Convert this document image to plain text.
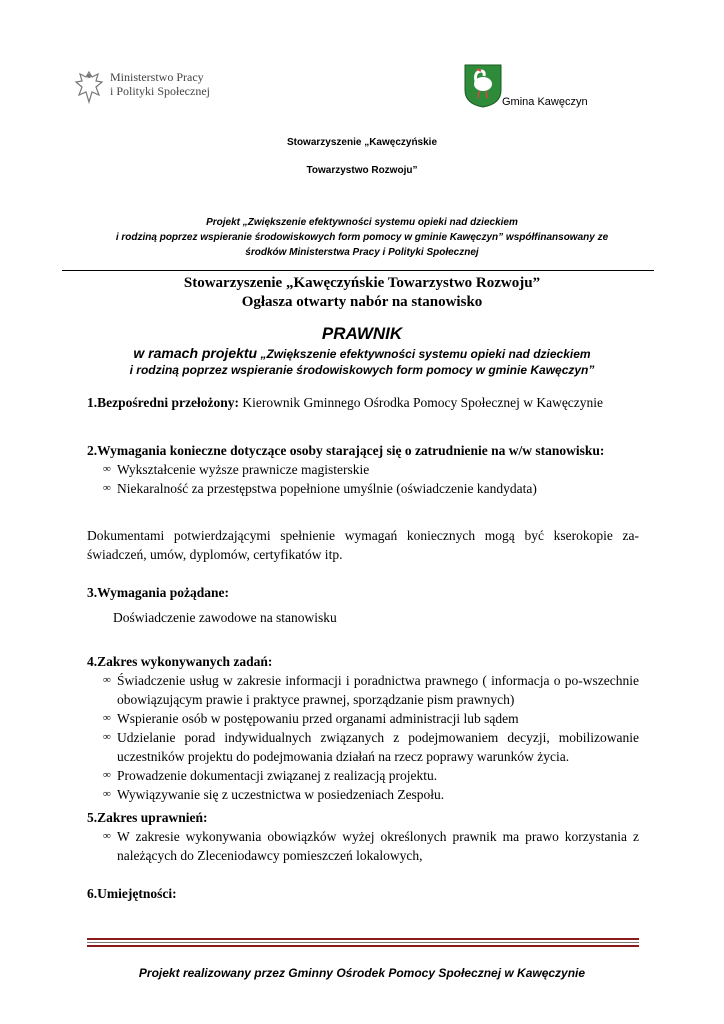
Ministerstwo Pracy
i Polityki Społecznej
Gmina Kawęczyn
Stowarzyszenie „Kawęczyńskie
Towarzystwo Rozwoju”
Projekt „Zwiększenie efektywności systemu opieki nad dzieckiem
i rodziną poprzez wspieranie środowiskowych form pomocy w gminie Kawęczyn” współfinansowany ze
środków Ministerstwa Pracy i Polityki Społecznej
Stowarzyszenie „Kawęczyńskie Towarzystwo Rozwoju”
Ogłasza otwarty nabór na stanowisko
PRAWNIK
w ramach projektu „Zwiększenie efektywności systemu opieki nad dzieckiem
i rodziną poprzez wspieranie środowiskowych form pomocy w gminie Kawęczyn”
1.Bezpośredni przełożony: Kierownik Gminnego Ośrodka Pomocy Społecznej w Kawęczynie
2.Wymagania konieczne dotyczące osoby starającej się o zatrudnienie na w/w stanowisku:
∞ Wykształcenie wyższe prawnicze magisterskie
∞ Niekaralność za przestępstwa popełnione umyślnie (oświadczenie kandydata)
Dokumentami potwierdzającymi spełnienie wymagań koniecznych mogą być kserokopie za-świadczeń, umów, dyplomów, certyfikatów itp.
3.Wymagania pożądane:
Doświadczenie zawodowe na stanowisku
4.Zakres wykonywanych zadań:
∞ Świadczenie usług w zakresie informacji i poradnictwa prawnego ( informacja o po-wszechnie obowiązującym prawie i praktyce prawnej, sporządzanie pism prawnych)
∞ Wspieranie osób w postępowaniu przed organami administracji lub sądem
∞ Udzielanie porad indywidualnych związanych z podejmowaniem decyzji, mobilizowanie uczestników projektu do podejmowania działań na rzecz poprawy warunków życia.
∞ Prowadzenie dokumentacji związanej z realizacją projektu.
∞ Wywiązywanie się z uczestnictwa w posiedzeniach Zespołu.
5.Zakres uprawnień:
∞ W zakresie wykonywania obowiązków wyżej określonych prawnik ma prawo korzystania z należących do Zleceniodawcy pomieszczeń lokalowych,
6.Umiejętności:
Projekt realizowany przez Gminny Ośrodek Pomocy Społecznej w Kawęczynie
